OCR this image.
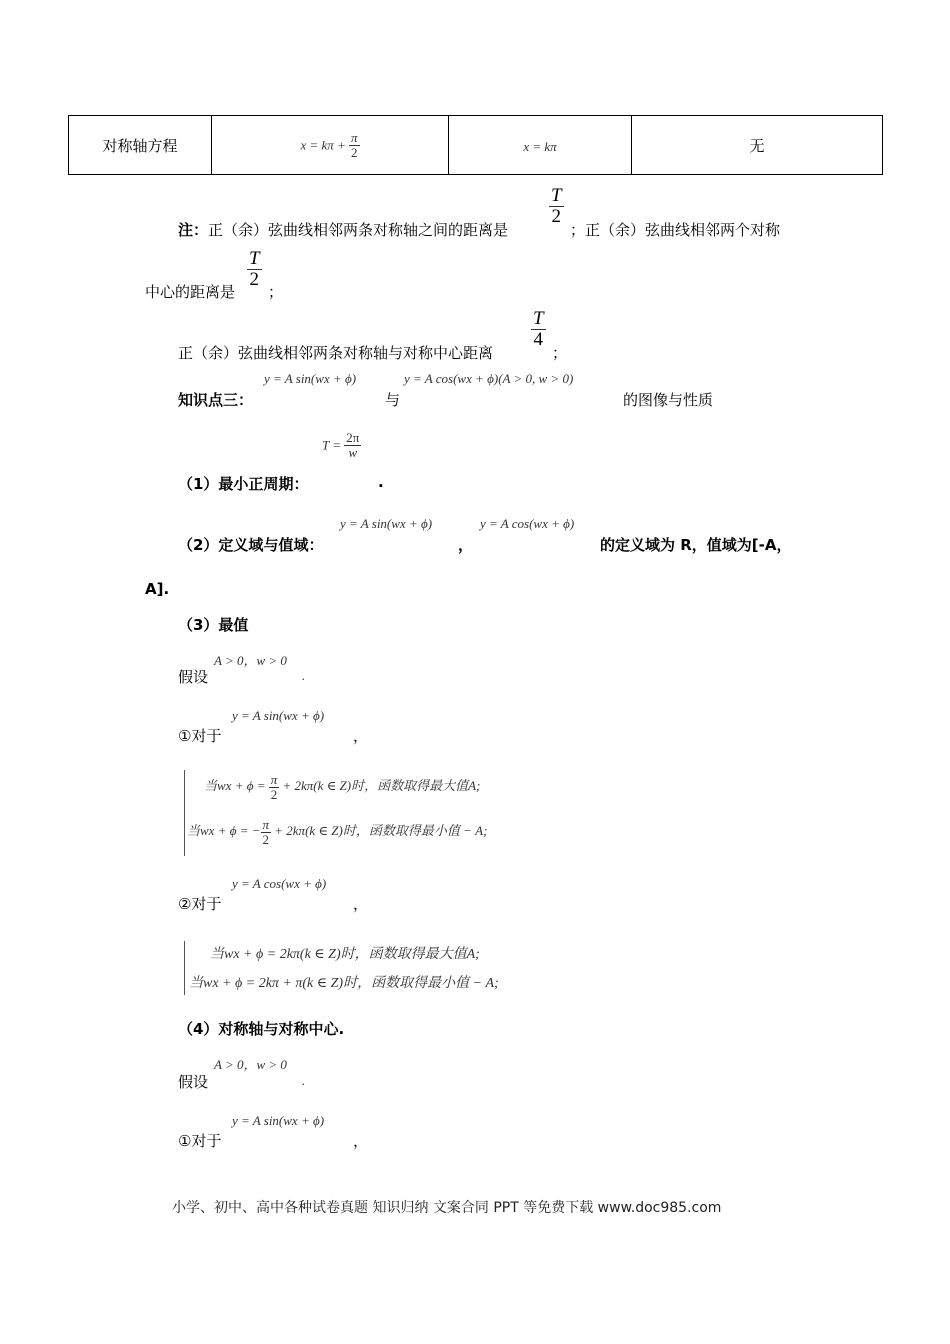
对称轴方程	$x = k\pi + \frac{\pi}{2}$	x = kπ	无
注：正（余）弦曲线相邻两条对称轴之间的距离是
$\frac{T}{2}$
；正（余）弦曲线相邻两个对称
中心的距离是
$\frac{T}{2}$
；
正（余）弦曲线相邻两条对称轴与对称中心距离
$\frac{T}{4}$
；
知识点三：
y = A sin(wx + ϕ)
与
y = A cos(wx + ϕ)(A > 0, w > 0)
的图像与性质
$T = \frac{2\pi}{w}$
（1）最小正周期：	.
y = A sin(wx + ϕ)	y = A cos(wx + ϕ)
（2）定义域与值域：	，	的定义域为 R，值域为[-A，
A].
（3）最值
A > 0，w > 0
假设	.
y = A sin(wx + ϕ)
①对于	，
当wx + $\phi = \frac{\pi}{2} + 2k\pi(k$ ∈ Z)时，函数取得最大值A;
当wx + ϕ = − $\frac{\pi}{2} + 2k\pi(k$ ∈ Z)时，函数取得最小值 − A;
y = A cos(wx + ϕ)
②对于	，
当wx + ϕ = 2kπ(k ∈ Z)时，函数取得最大值A;
当wx + ϕ = 2kπ + π(k ∈ Z)时，函数取得最小值 − A;
（4）对称轴与对称中心.
A > 0，w > 0
假设	.
y = A sin(wx + ϕ)
①对于	，
小学、初中、高中各种试卷真题 知识归纳 文案合同 PPT 等免费下载 www.doc985.com
